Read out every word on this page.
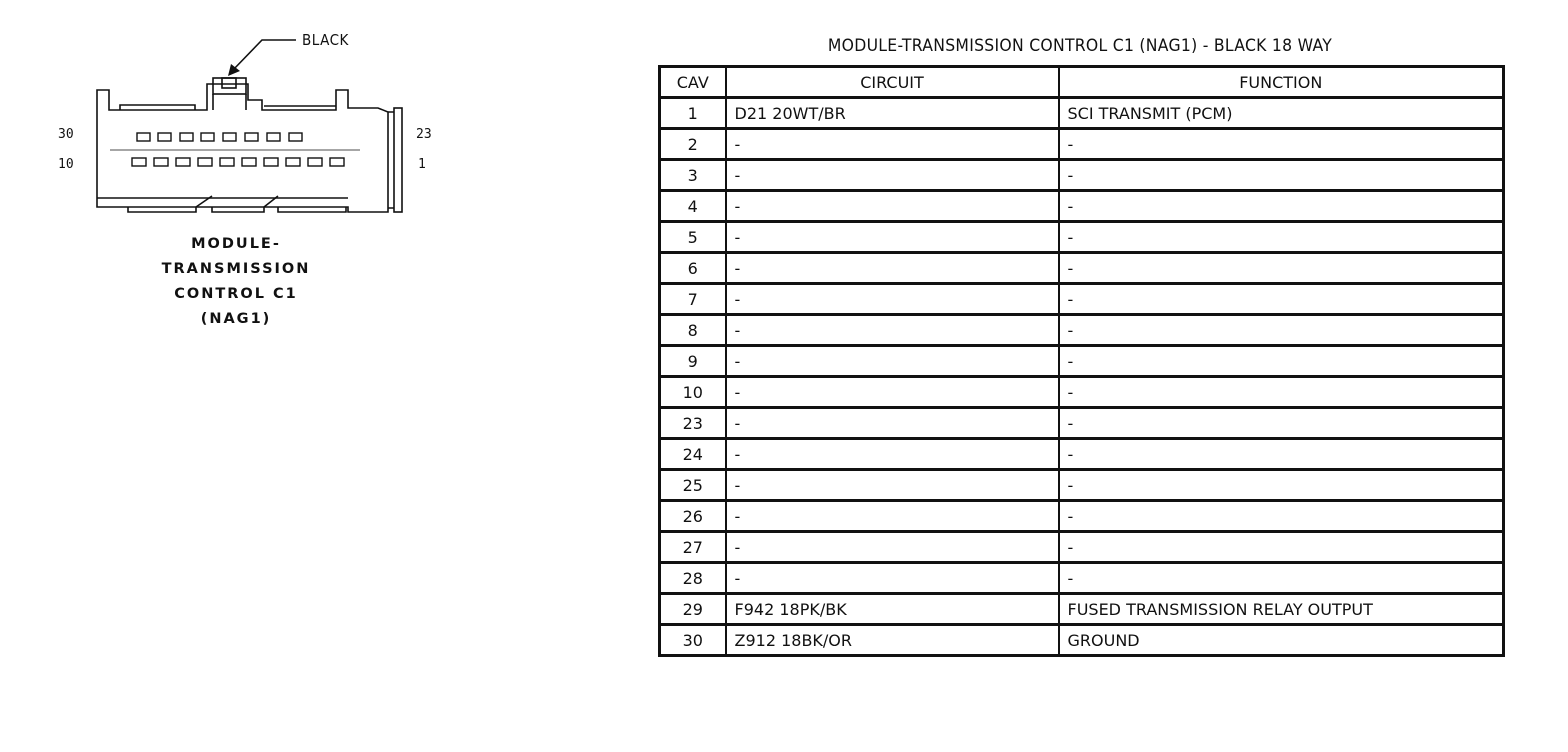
BLACK
30
10
23
1
MODULE-
TRANSMISSION
CONTROL C1
(NAG1)
MODULE-TRANSMISSION CONTROL C1 (NAG1) - BLACK 18 WAY
CAV	CIRCUIT	FUNCTION
1	D21 20WT/BR	SCI TRANSMIT (PCM)
2	-	-
3	-	-
4	-	-
5	-	-
6	-	-
7	-	-
8	-	-
9	-	-
10	-	-
23	-	-
24	-	-
25	-	-
26	-	-
27	-	-
28	-	-
29	F942 18PK/BK	FUSED TRANSMISSION RELAY OUTPUT
30	Z912 18BK/OR	GROUND
